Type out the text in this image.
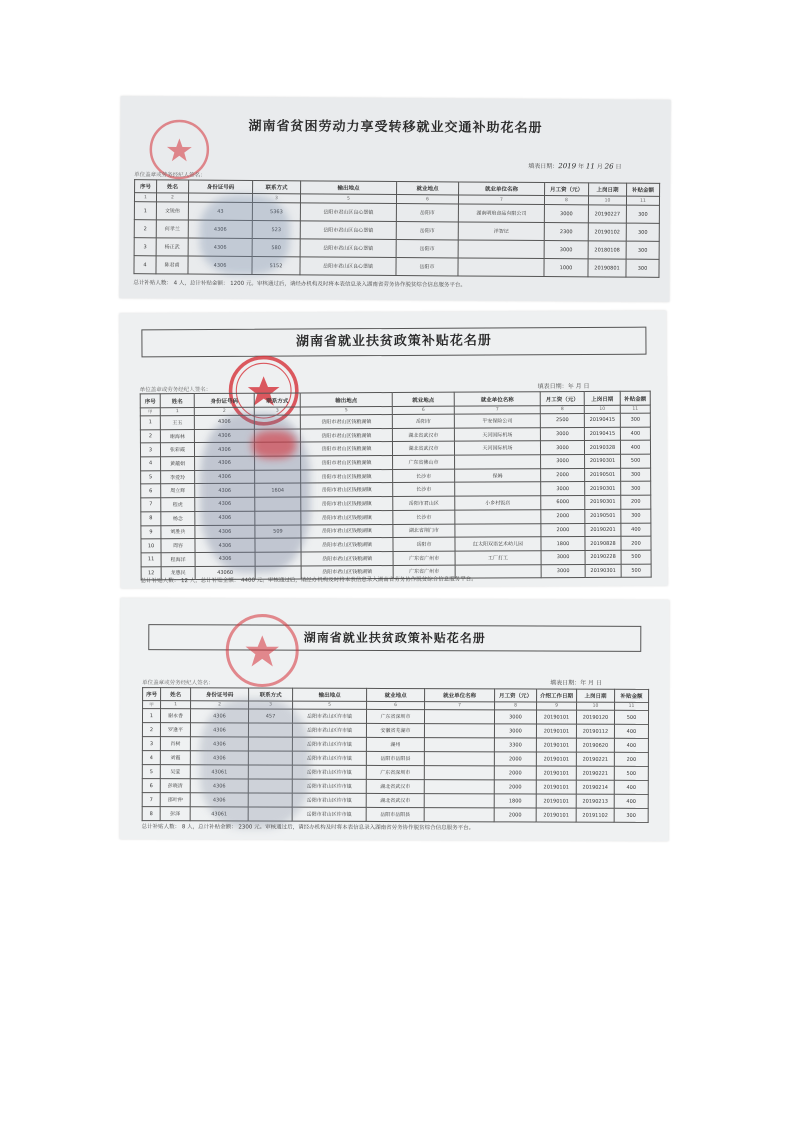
湖南省贫困劳动力享受转移就业交通补助花名册
单位盖章或劳务经纪人签名：
填表日期：2019 年 11 月 26 日
序号	姓名	身份证号码	联系方式	输出地点	就业地点	就业单位名称	月工资（元）	上岗日期	补贴金额
1	2		3	5	6	7	8	10	11
1	文锐伟	43	5363	岳阳市君山区良心堡镇	岳阳市	湖南明琅食品有限公司	3000	20190227	300
2	何孝兰	4306	523	岳阳市君山区良心堡镇	岳阳市	洋智记	2300	20190102	300
3	杨正武	4306	580	岳阳市君山区良心堡镇	岳阳市		3000	20180108	300
4	陈君甫	4306	5152	岳阳市君山区良心堡镇	岳阳市		1000	20190801	300
总计补贴人数： 4 人，总计补贴金额： 1200 元。审核通过后，请经办机构及时将本表信息录入湖南省劳务协作脱贫综合信息服务平台。
湖南省就业扶贫政策补贴花名册
单位盖章或劳务经纪人签名：	填表日期：年 月 日
序号	姓名	身份证号码	联系方式	输出地点	就业地点	就业单位名称	月工资（元）	上岗日期	补贴金额
甲	1	2	3	5	6	7	8	10	11
1	王玉	4306		岳阳市君山区钱粮湖镇	岳阳市	平安保险公司	2500	20190415	300
2	谢海林	4306		岳阳市君山区钱粮湖镇	湖北省武汉市	天河国际机场	3000	20190415	400
3	张彩霞	4306		岳阳市君山区钱粮湖镇	湖北省武汉市	天河国际机场	3000	20190328	400
4	黄蕴娟	4306		岳阳市君山区钱粮湖镇	广东省佛山市		3000	20190301	500
5	李爱玲	4306		岳阳市君山区钱粮湖镇	长沙市	保姆	2000	20190501	300
6	周立辉	4306	1604	岳阳市君山区钱粮湖镇	长沙市		3000	20190301	300
7	程虎	4306		岳阳市君山区钱粮湖镇	岳阳市君山区	小乡村饭店	6000	20190301	200
8	杨念	4306		岳阳市君山区钱粮湖镇	长沙市		2000	20190501	300
9	刘胜兵	4306	509	岳阳市君山区钱粮湖镇	湖北省荆门市		2000	20190201	400
10	周容	4306		岳阳市君山区钱粮湖镇	岳阳市	红太阳双语艺术幼儿园	1800	20190828	200
11	程海洋	4306		岳阳市君山区钱粮湖镇	广东省广州市	工厂打工	3000	20190228	500
12	龙惠民	43060		岳阳市君山区钱粮湖镇	广东省广州市		3000	20190301	500
总计补贴人数： 12 人，总计补贴金额： 4400 元。审核通过后，请经办机构及时将本表信息录入湖南省劳务协作脱贫综合信息服务平台。
湖南省就业扶贫政策补贴花名册
单位盖章或劳务经纪人签名：	填表日期：年 月 日
序号	姓名	身份证号码	联系方式	输出地点	就业地点	就业单位名称	月工资（元）	介绍工作日期	上岗日期	补贴金额
甲	1	2	3	5	6	7	8	9	10	11
1	谢永香	4306	457	岳阳市君山区许市镇	广东省深圳市		3000	20190101	20190120	500
2	罗逢平	4306		岳阳市君山区许市镇	安徽省芜湖市		3000	20190101	20190112	400
3	肖树	4306		岳阳市君山区许市镇	湖州		3300	20190101	20190620	400
4	刘霞	4306		岳阳市君山区许市镇	岳阳市岳阳县		2000	20190101	20190221	200
5	吴莹	43061		岳阳市君山区许市镇	广东省深圳市		2000	20190101	20190221	500
6	彭晓清	4306		岳阳市君山区许市镇	湖北省武汉市		2000	20190101	20190214	400
7	邵叶仲	4306		岳阳市君山区许市镇	湖北省武汉市		1800	20190101	20190213	400
8	彭泽	43061		岳阳市君山区许市镇	岳阳市岳阳县		2000	20190101	20191102	300
总计补贴人数： 8 人，总计补贴金额： 2300 元。审核通过后，请经办机构及时将本表信息录入湖南省劳务协作脱贫综合信息服务平台。
